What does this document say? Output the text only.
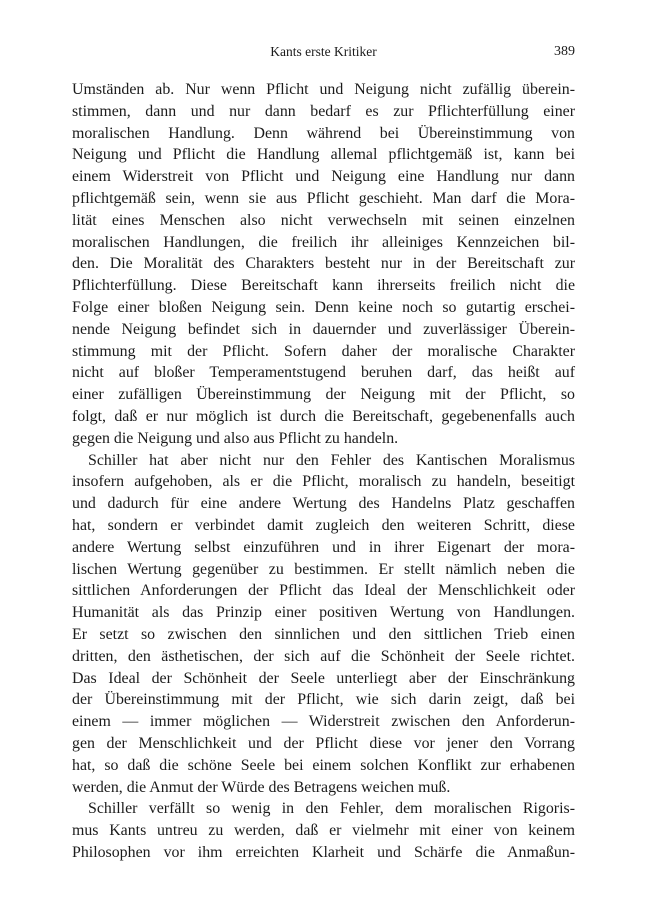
Kants erste Kritiker	389
Umständen ab. Nur wenn Pflicht und Neigung nicht zufällig überein-
stimmen, dann und nur dann bedarf es zur Pflichterfüllung einer
moralischen Handlung. Denn während bei Übereinstimmung von
Neigung und Pflicht die Handlung allemal pflichtgemäß ist, kann bei
einem Widerstreit von Pflicht und Neigung eine Handlung nur dann
pflichtgemäß sein, wenn sie aus Pflicht geschieht. Man darf die Mora-
lität eines Menschen also nicht verwechseln mit seinen einzelnen
moralischen Handlungen, die freilich ihr alleiniges Kennzeichen bil-
den. Die Moralität des Charakters besteht nur in der Bereitschaft zur
Pflichterfüllung. Diese Bereitschaft kann ihrerseits freilich nicht die
Folge einer bloßen Neigung sein. Denn keine noch so gutartig erschei-
nende Neigung befindet sich in dauernder und zuverlässiger Überein-
stimmung mit der Pflicht. Sofern daher der moralische Charakter
nicht auf bloßer Temperamentstugend beruhen darf, das heißt auf
einer zufälligen Übereinstimmung der Neigung mit der Pflicht, so
folgt, daß er nur möglich ist durch die Bereitschaft, gegebenenfalls auch
gegen die Neigung und also aus Pflicht zu handeln.
Schiller hat aber nicht nur den Fehler des Kantischen Moralismus
insofern aufgehoben, als er die Pflicht, moralisch zu handeln, beseitigt
und dadurch für eine andere Wertung des Handelns Platz geschaffen
hat, sondern er verbindet damit zugleich den weiteren Schritt, diese
andere Wertung selbst einzuführen und in ihrer Eigenart der mora-
lischen Wertung gegenüber zu bestimmen. Er stellt nämlich neben die
sittlichen Anforderungen der Pflicht das Ideal der Menschlichkeit oder
Humanität als das Prinzip einer positiven Wertung von Handlungen.
Er setzt so zwischen den sinnlichen und den sittlichen Trieb einen
dritten, den ästhetischen, der sich auf die Schönheit der Seele richtet.
Das Ideal der Schönheit der Seele unterliegt aber der Einschränkung
der Übereinstimmung mit der Pflicht, wie sich darin zeigt, daß bei
einem — immer möglichen — Widerstreit zwischen den Anforderun-
gen der Menschlichkeit und der Pflicht diese vor jener den Vorrang
hat, so daß die schöne Seele bei einem solchen Konflikt zur erhabenen
werden, die Anmut der Würde des Betragens weichen muß.
Schiller verfällt so wenig in den Fehler, dem moralischen Rigoris-
mus Kants untreu zu werden, daß er vielmehr mit einer von keinem
Philosophen vor ihm erreichten Klarheit und Schärfe die Anmaßun-
